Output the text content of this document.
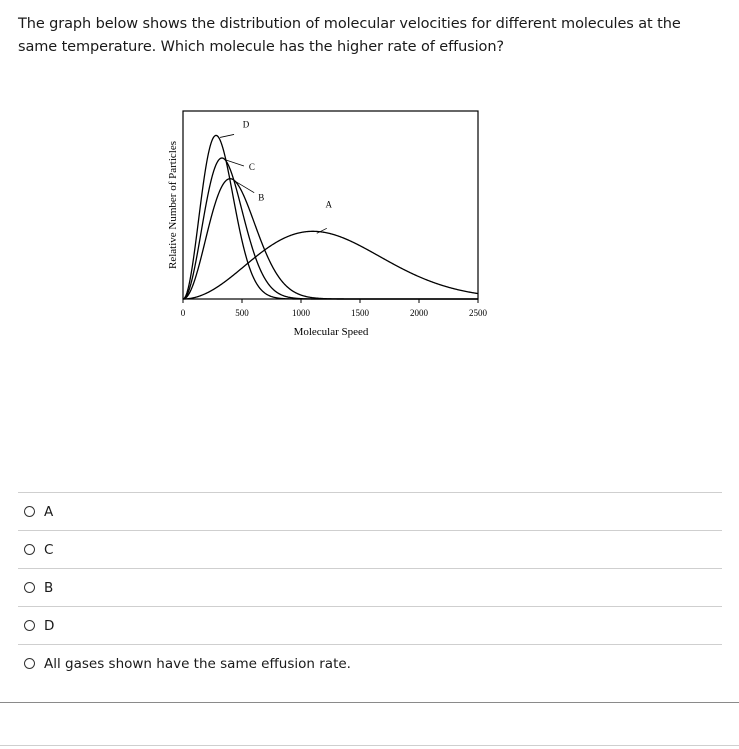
The graph below shows the distribution of molecular velocities for different molecules at the same temperature. Which molecule has the higher rate of effusion?
0	500	1000	1500	2000	2500
D
C
B
A
Molecular Speed
Relative Number of Particles
A
C
B
D
All gases shown have the same effusion rate.
